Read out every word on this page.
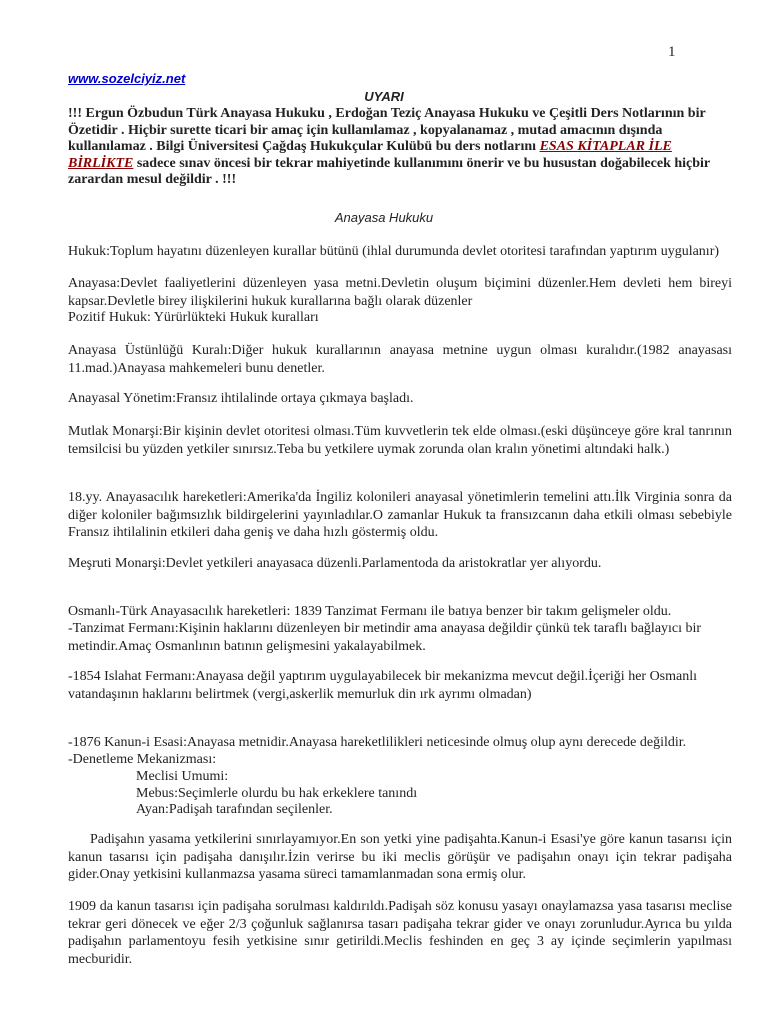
1
www.sozelciyiz.net
UYARI

!!! Ergun Özbudun Türk Anayasa Hukuku , Erdoğan Teziç Anayasa Hukuku ve Çeşitli Ders Notlarının bir Özetidir . Hiçbir surette ticari bir amaç için kullanılamaz , kopyalanamaz , mutad amacının dışında kullanılamaz . Bilgi Üniversitesi Çağdaş Hukukçular Kulübü bu ders notlarını ESAS KİTAPLAR İLE BİRLİKTE sadece sınav öncesi bir tekrar mahiyetinde kullanımını önerir ve bu husustan doğabilecek hiçbir zarardan mesul değildir . !!!

Anayasa Hukuku

Hukuk:Toplum hayatını düzenleyen kurallar bütünü (ihlal durumunda devlet otoritesi tarafından yaptırım uygulanır)

Anayasa:Devlet faaliyetlerini düzenleyen yasa metni.Devletin oluşum biçimini düzenler.Hem devleti hem bireyi kapsar.Devletle birey ilişkilerini hukuk kurallarına bağlı olarak düzenler

Pozitif Hukuk: Yürürlükteki Hukuk kuralları

Anayasa Üstünlüğü Kuralı:Diğer hukuk kurallarının anayasa metnine uygun olması kuralıdır.(1982 anayasası 11.mad.)Anayasa mahkemeleri bunu denetler.

Anayasal Yönetim:Fransız ihtilalinde ortaya çıkmaya başladı.

Mutlak Monarşi:Bir kişinin devlet otoritesi olması.Tüm kuvvetlerin tek elde olması.(eski düşünceye göre kral tanrının temsilcisi bu yüzden yetkiler sınırsız.Teba bu yetkilere uymak zorunda olan kralın yönetimi altındaki halk.)

18.yy. Anayasacılık hareketleri:Amerika'da İngiliz kolonileri anayasal yönetimlerin temelini attı.İlk Virginia sonra da diğer koloniler bağımsızlık bildirgelerini yayınladılar.O zamanlar Hukuk ta fransızcanın daha etkili olması sebebiyle Fransız ihtilalinin etkileri daha geniş ve daha hızlı göstermiş oldu.

Meşruti Monarşi:Devlet yetkileri anayasaca düzenli.Parlamentoda da aristokratlar yer alıyordu.

Osmanlı-Türk Anayasacılık hareketleri: 1839 Tanzimat Fermanı ile batıya benzer bir takım gelişmeler oldu.

-Tanzimat Fermanı:Kişinin haklarını düzenleyen bir metindir ama anayasa değildir çünkü tek taraflı bağlayıcı bir metindir.Amaç Osmanlının batının gelişmesini yakalayabilmek.

-1854 Islahat Fermanı:Anayasa değil yaptırım uygulayabilecek bir mekanizma mevcut değil.İçeriği her Osmanlı vatandaşının haklarını belirtmek (vergi,askerlik memurluk din ırk ayrımı olmadan)

-1876 Kanun-i Esasi:Anayasa metnidir.Anayasa hareketlilikleri neticesinde olmuş olup aynı derecede değildir.

-Denetleme Mekanizması:

Meclisi Umumi:

Mebus:Seçimlerle olurdu bu hak erkeklere tanındı

Ayan:Padişah tarafından seçilenler.

Padişahın yasama yetkilerini sınırlayamıyor.En son yetki yine padişahta.Kanun-i Esasi'ye göre kanun tasarısı için kanun tasarısı için padişaha danışılır.İzin verirse bu iki meclis görüşür ve padişahın onayı için tekrar padişaha gider.Onay yetkisini kullanmazsa yasama süreci tamamlanmadan sona ermiş olur.

1909 da kanun tasarısı için padişaha sorulması kaldırıldı.Padişah söz konusu yasayı onaylamazsa yasa tasarısı meclise tekrar geri dönecek ve eğer 2/3 çoğunluk sağlanırsa tasarı padişaha tekrar gider ve onayı zorunludur.Ayrıca bu yılda padişahın parlamentoyu fesih yetkisine sınır getirildi.Meclis feshinden en geç 3 ay içinde seçimlerin yapılması mecburidir.
